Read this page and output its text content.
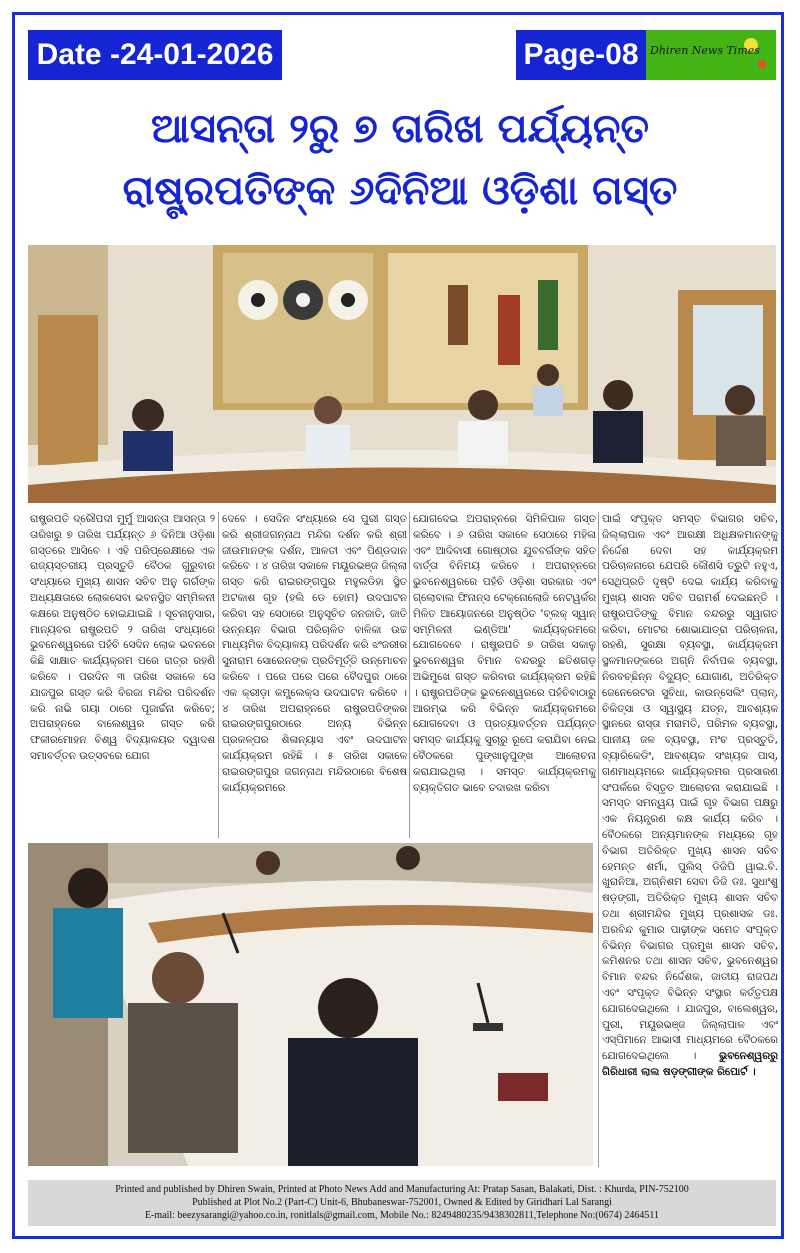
Date -24-01-2026	Page-08	Dhiren News Times
ଆସନ୍ତା ୨ରୁ ୭ ତାରିଖ ପର୍ଯ୍ୟନ୍ତ
ରାଷ୍ଟ୍ରପତିଙ୍କ ୬ଦିନିଆ ଓଡ଼ିଶା ଗସ୍ତ
ରାଷ୍ଟ୍ରପତି ଦ୍ରୌପଦୀ ମୁର୍ମୁ ଆସନ୍ତା ଆସନ୍ତା ୨ ତାରିଖରୁ ୭ ତାରିଖ ପର୍ଯ୍ୟନ୍ତ ୬ ଦିନିଆ ଓଡ଼ିଶା ଗସ୍ତରେ ଆସିବେ । ଏହି ପରିପ୍ରେକ୍ଷୀରେ ଏକ ରାଜ୍ୟସ୍ତରୀୟ ପ୍ରସ୍ତୁତି ବୈଠକ ଗୁରୁବାର ସଂଧ୍ୟାରେ ମୁଖ୍ୟ ଶାସନ ସଚିବ ଅନୁ ଗର୍ଗଙ୍କ ଅଧ୍ୟକ୍ଷତାରେ ଲୋକସେବା ଭବନସ୍ଥିତ ସମ୍ମିଳନୀ କକ୍ଷରେ ଅନୁଷ୍ଠିତ ହୋଇଯାଇଛି । ସୂଚନାନୁସାର, ମାନ୍ୟବର ରାଷ୍ଟ୍ରପତି ୨ ତାରିଖ ସଂଧ୍ୟାରେ ଭୁବନେଶ୍ୱରରେ ପହଁଚି ସେଦିନ ଲୋକ ଭବନରେ କିଛି ସାକ୍ଷାତ କାର୍ଯ୍ୟକ୍ରମ ପରେ ରାତ୍ର ରହଣି କରିବେ । ପରଦିନ ୩ ତାରିଖ ସକାଳେ ସେ ଯାଜପୁର ଗସ୍ତ କରି ବିରଜା ମନ୍ଦିର ପରିଦର୍ଶନ କରି ନାଭି ଗୟା ଠାରେ ପୂଜାର୍ଚ୍ଚନା କରିବେ; ଅପରାହ୍ନରେ ବାଲେଶ୍ୱର ଗସ୍ତ କରି ଫକୀରମୋହନ ବିଶ୍ୱ ବିଦ୍ୟାଳୟର ଦ୍ୱାଦଶ ସମାବର୍ତ୍ତନ ଉତ୍ସବରେ ଯୋଗ
ଦେବେ । ସେଦିନ ସଂଧ୍ୟାରେ ସେ ପୁରୀ ଗସ୍ତ କରି ଶ୍ରୀଜଗନ୍ନାଥ ମନ୍ଦିର ଦର୍ଶନ କରି ଶ୍ରୀ ଜୀଉମାନଙ୍କ ଦର୍ଶନ, ଆଳତୀ ଏବଂ ପିଣ୍ଡଦାନ କରିବେ । ୪ ତାରିଖ ସକାଳେ ମୟୂରଭଞ୍ଜ ଜିଲ୍ଲା ଗସ୍ତ କରି ରାଇରଙ୍ଗପୁର ମହୁଲଡିହା ସ୍ଥିତ ଅଟକାଶ ଗୃହ (ହଲି ଡେ ହୋମ) ଉଦଘାଟନ କରିବା ସହ ସେଠାରେ ଅନୁସୂଚିତ ଜନଜାତି, ଜାତି ଉନ୍ନୟନ ବିଭାଗ ପରିଚାଳିତ ବାଳିକା ଉଚ୍ଚ ମାଧ୍ୟମିକ ବିଦ୍ୟାଳୟ ପରିଦର୍ଶନ କରି ଝଂଜରୀର ସୁନାରାମ ସୋରେନଙ୍କ ପ୍ରତିମୂର୍ତ୍ତି ଉନ୍ମୋଚନ କରିବେ । ପରେ ପରେ ପରେ ବୈଦପୁର ଠାରେ ଏକ କ୍ରୀଡ଼ା କମ୍ପ୍ଲେକ୍ସ ଉଦଘାଟନ କରିବେ । ୪ ତାରିଖ ଅପରାହ୍ନରେ ରାଷ୍ଟ୍ରପତିଙ୍କର ରାଇରଙ୍ଗପୁରଠାରେ ଅନ୍ୟ ବିଭିନ୍ନ ପ୍ରକଳ୍ପର ଶିଳାନ୍ୟାସ ଏବଂ ଉଦଘାଟନ କାର୍ଯ୍ୟକ୍ରମ ରହିଛି । ୫ ତାରିଖ ସକାଳେ ରାଇରଙ୍ଗପୁର ଜଗନ୍ନାଥ ମନ୍ଦିରଠାରେ ବିଶେଷ କାର୍ଯ୍ୟକ୍ରମରେ
ଯୋଗଦେଇ ଅପରାହ୍ନରେ ସିମିଳିପାଳ ଗସ୍ତ କରିବେ । ୬ ତାରିଖ ସକାଳେ ସେଠାରେ ମହିଳା ଏବଂ ଆଦିବାସୀ ଗୋଷ୍ଠୀର ଯୁବବର୍ଗଙ୍କ ସହିତ ବାର୍ତ୍ତା ବିନିମୟ କରିବେ । ଅପରାହ୍ନରେ ଭୁବନେଶ୍ୱରରେ ପହଁଚି ଓଡ଼ିଶା ସରକାର ଏବଂ ଗ୍ଲୋବାଲ ଫିନାନ୍ସ ଟେକ୍ନୋଲୋଜି ନେଟୱର୍କର ମିଳିତ ଆୟୋଜନରେ ଅନୁଷ୍ଠିତ 'ବ୍ଲକ୍ ସ୍ୱାନ୍ ସମ୍ମିଳନୀ ଇଣ୍ଡିଆ' କାର୍ଯ୍ୟକ୍ରମରେ ଯୋଗଦେବେ । ରାଷ୍ଟ୍ରପତି ୭ ତାରିଖ ସକାଳୁ ଭୁବନେଶ୍ୱର ବିମାନ ବନ୍ଦରରୁ ଛତିଶଗଡ଼ ଅଭିମୁଖେ ଗସ୍ତ କରିବାର କାର୍ଯ୍ୟକ୍ରମ ରହିଛି । ରାଷ୍ଟ୍ରପତିଙ୍କ ଭୁବନେଶ୍ୱରରେ ପହଁଚିବାଠାରୁ ଆରମ୍ଭ କରି ବିଭିନ୍ନ କାର୍ଯ୍ୟକ୍ରମରେ ଯୋଗଦେବା ଓ ପ୍ରତ୍ୟାବର୍ତ୍ତନ ପର୍ଯ୍ୟନ୍ତ ସମସ୍ତ କାର୍ଯ୍ୟକୁ ସୁଚାରୁ ରୂପେ କରାଯିବା ନେଇ ବୈଠକରେ ପୁଙ୍ଖାନୁପୁଙ୍ଖ ଆଲୋଚନା କରାଯାଇଥିଲା । ସମସ୍ତ କାର୍ଯ୍ୟକ୍ରମକୁ ବ୍ୟକ୍ତିଗତ ଭାବେ ତଦାରଖ କରିବା
ପାଇଁ ସଂପୃକ୍ତ ସମସ୍ତ ବିଭାଗର ସଚିବ, ଜିଲ୍ଲାପାଳ ଏବଂ ଆରକ୍ଷୀ ଅଧିକ୍ଷକମାନଙ୍କୁ ନିର୍ଦ୍ଦେଶ ଦେବା ସହ କାର୍ଯ୍ୟକ୍ରମ ପରିଚାଳନାରେ ଯେପରି କୌଣସି ତ୍ରୁଟି ନହୁଏ, ସେଥିପ୍ରତି ଦୃଷ୍ଟି ଦେଇ କାର୍ଯ୍ୟ କରିବାକୁ ମୁଖ୍ୟ ଶାସନ ସଚିବ ପରାମର୍ଶ ଦେଇଛନ୍ତି । ରାଷ୍ଟ୍ରପତିଙ୍କୁ ବିମାନ ବନ୍ଦରରୁ ସ୍ୱାଗତ କରିବା, ମୋଟର ଶୋଭାଯାତ୍ରା ପରିଚାଳନା, ରହଣି, ସୁରକ୍ଷା ବ୍ୟବସ୍ଥା, କାର୍ଯ୍ୟକ୍ରମ ସ୍ଥଳମାନଙ୍କରେ ଅଗ୍ନି ନିର୍ବାପକ ବ୍ୟବସ୍ଥା, ନିରବଚ୍ଛିନ୍ନ ବିଦ୍ୟୁତ୍ ଯୋଗାଣ, ଅତିରିକ୍ତ ଜେନେରେଟର ସୁବିଧା, କାଉନ୍ସେଲିଂ ପ୍ଲାନ୍, ଚିକିତ୍ସା ଓ ସ୍ୱାସ୍ଥ୍ୟ ଯତ୍ନ, ଆବଶ୍ୟକ ସ୍ଥାନରେ ରାସ୍ତା ମରାମତି, ପରିମଳ ବ୍ୟବସ୍ଥା, ପାନୀୟ ଜଳ ବ୍ୟବସ୍ଥା, ମଂଚ ପ୍ରସ୍ତୁତି, ବ୍ୟାରିକେଡିଂ, ଆବଶ୍ୟକ ସଂଖ୍ୟକ ପାସ୍, ଗଣମାଧ୍ୟମରେ କାର୍ଯ୍ୟକ୍ରମର ପ୍ରସାରଣ ସଂପର୍କରେ ବିସ୍ତୃତ ଆଲୋଚନା କରାଯାଇଛି । ସମସ୍ତ ସମନ୍ୱୟ ପାଇଁ ଗୃହ ବିଭାଗ ପକ୍ଷରୁ ଏକ ନିୟନ୍ତ୍ରଣ କକ୍ଷ କାର୍ଯ୍ୟ କରିବ । ବୈଠକରେ ଅନ୍ୟମାନଙ୍କ ମଧ୍ୟରେ ଗୃହ ବିଭାଗ ଅତିରିକ୍ତ ମୁଖ୍ୟ ଶାସନ ସଚିବ ହେମନ୍ତ ଶର୍ମା, ପୁଲିସ୍ ଡିଜିପି ୱାଇ.ବି. ଖୁରାନିଆ, ଅଗ୍ନିଶମ ସେବା ଡିଜି ଡଃ. ସୁଧାଂଶୁ ଷଡ଼ଙ୍ଗୀ, ଅତିରିକ୍ତ ମୁଖ୍ୟ ଶାସନ ସଚିବ ତଥା ଶ୍ରୀମନ୍ଦିର ମୁଖ୍ୟ ପ୍ରଶାସକ ଡଃ. ଅରବିନ୍ଦ କୁମାର ପାଢ଼ୀଙ୍କ ସମେତ ସଂପୃକ୍ତ ବିଭିନ୍ନ ବିଭାଗର ପ୍ରମୁଖ ଶାସନ ସଚିବ, କମିଶନର ତଥା ଶାସନ ସଚିବ, ଭୁବନେଶ୍ୱର ବିମାନ ବନ୍ଦର ନିର୍ଦ୍ଦେଶକ, ଜାତୀୟ ରାଜପଥ ଏବଂ ସଂପୃକ୍ତ ବିଭିନ୍ନ ସଂସ୍ଥାର କର୍ତ୍ତୃପକ୍ଷ ଯୋଗଦେଇଥିଲେ । ଯାଜପୁର, ବାଲେଶ୍ୱର, ପୁରୀ, ମୟୂରଭଞ୍ଜ ଜିଲ୍ଲାପାଳ ଏବଂ ଏସ୍‌ପିମାନେ ଆଭାସୀ ମାଧ୍ୟମରେ ବୈଠକରେ ଯୋଗଦେଇଥିଲେ । ଭୁବନେଶ୍ୱରରୁ ଗିରିଧାରୀ ଲାଲ ଷଡ଼ଙ୍ଗୀଙ୍କ ରିପୋର୍ଟ ।
Printed and published by Dhiren Swain, Printed at Photo News Add and Manufacturing At: Pratap Sasan, Balakati, Dist. : Khurda, PIN-752100
Published at Plot No.2 (Part-C) Unit-6, Bhubaneswar-752001, Owned & Edited by Giridhari Lal Sarangi
E-mail: beezysarangi@yahoo.co.in, ronitlals@gmail.com, Mobile No.: 8249480235/9438302811,Telephone No:(0674) 2464511
